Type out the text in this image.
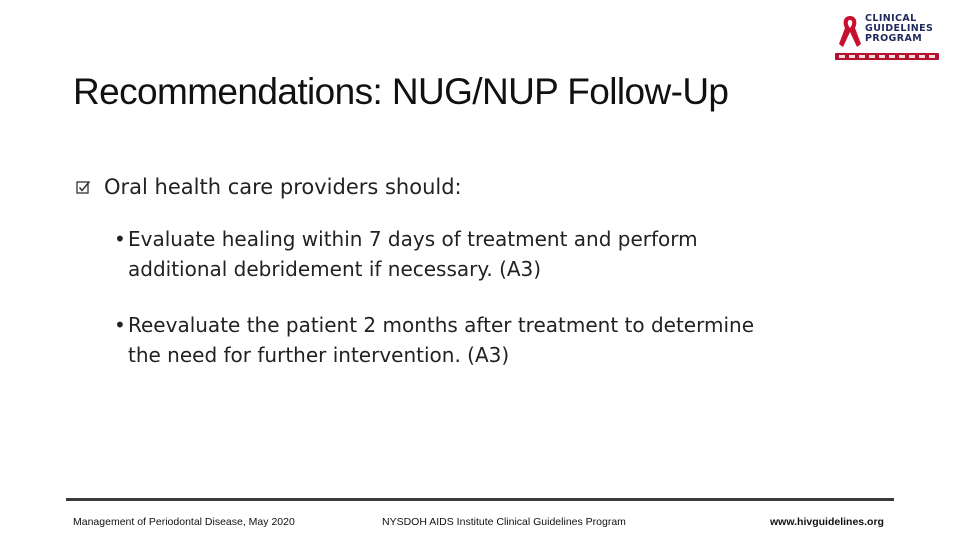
CLINICAL
GUIDELINES
PROGRAM
Recommendations: NUG/NUP Follow-Up
Oral health care providers should:
• Evaluate healing within 7 days of treatment and perform
additional debridement if necessary. (A3)
• Reevaluate the patient 2 months after treatment to determine
the need for further intervention. (A3)
Management of Periodontal Disease, May 2020	NYSDOH AIDS Institute Clinical Guidelines Program	www.hivguidelines.org
